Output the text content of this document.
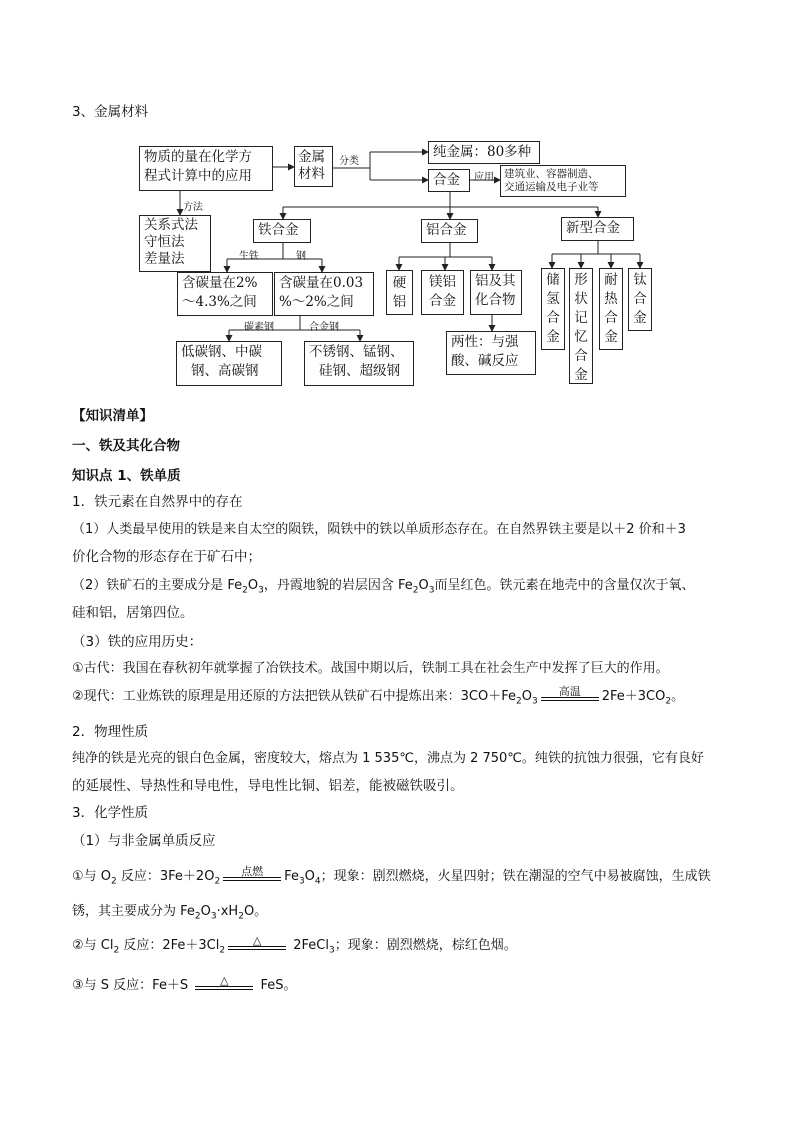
3、金属材料
物质的量在化学方
程式计算中的应用
方法
关系式法
守恒法
差量法
金属
材料
分类
纯金属：80多种
合金	应用 建筑业、容器制造、
交通运输及电子业等
铁合金
生铁	钢
含碳量在2%
～4.3%之间
含碳量在0.03
%～2%之间
碳素钢	合金钢
低碳钢、中碳
钢、高碳钢
不锈钢、锰钢、
硅钢、超级钢
铝合金
硬铝
镁铝合金
铝及其
化合物
两性：与强
酸、碱反应
新型合金
储氢合金
形状记忆合金
耐热合金
钛合金
【知识清单】
一、铁及其化合物
知识点 1、铁单质
1．铁元素在自然界中的存在
（1）人类最早使用的铁是来自太空的陨铁，陨铁中的铁以单质形态存在。在自然界铁主要是以＋2 价和＋3
价化合物的形态存在于矿石中；
（2）铁矿石的主要成分是 $Fe_2O_3$，丹霞地貌的岩层因含 $Fe_2O_3$而呈红色。铁元素在地壳中的含量仅次于氧、
硅和铝，居第四位。
（3）铁的应用历史：
①古代：我国在春秋初年就掌握了冶铁技术。战国中期以后，铁制工具在社会生产中发挥了巨大的作用。
②现代：工业炼铁的原理是用还原的方法把铁从铁矿石中提炼出来：$3CO+Fe_2O_3$
高温	$2Fe+3CO_2$。
2．物理性质
纯净的铁是光亮的银白色金属，密度较大，熔点为 1 535℃，沸点为 2 750℃。纯铁的抗蚀力很强，它有良好
的延展性、导热性和导电性，导电性比铜、铝差，能被磁铁吸引。
3．化学性质
（1）与非金属单质反应
①与 $O_2$ 反应：$3Fe+2O_2$
点燃	$Fe_3O_4$；现象：剧烈燃烧，火星四射；铁在潮湿的空气中易被腐蚀，生成铁
锈，其主要成分为 $Fe_2O_3\cdot xH_2O$。
②与 $Cl_2$ 反应：$2Fe+3Cl_2$
△	2FeCl$_3$；现象：剧烈燃烧，棕红色烟。
③与 S 反应：Fe＋S	△	FeS。
